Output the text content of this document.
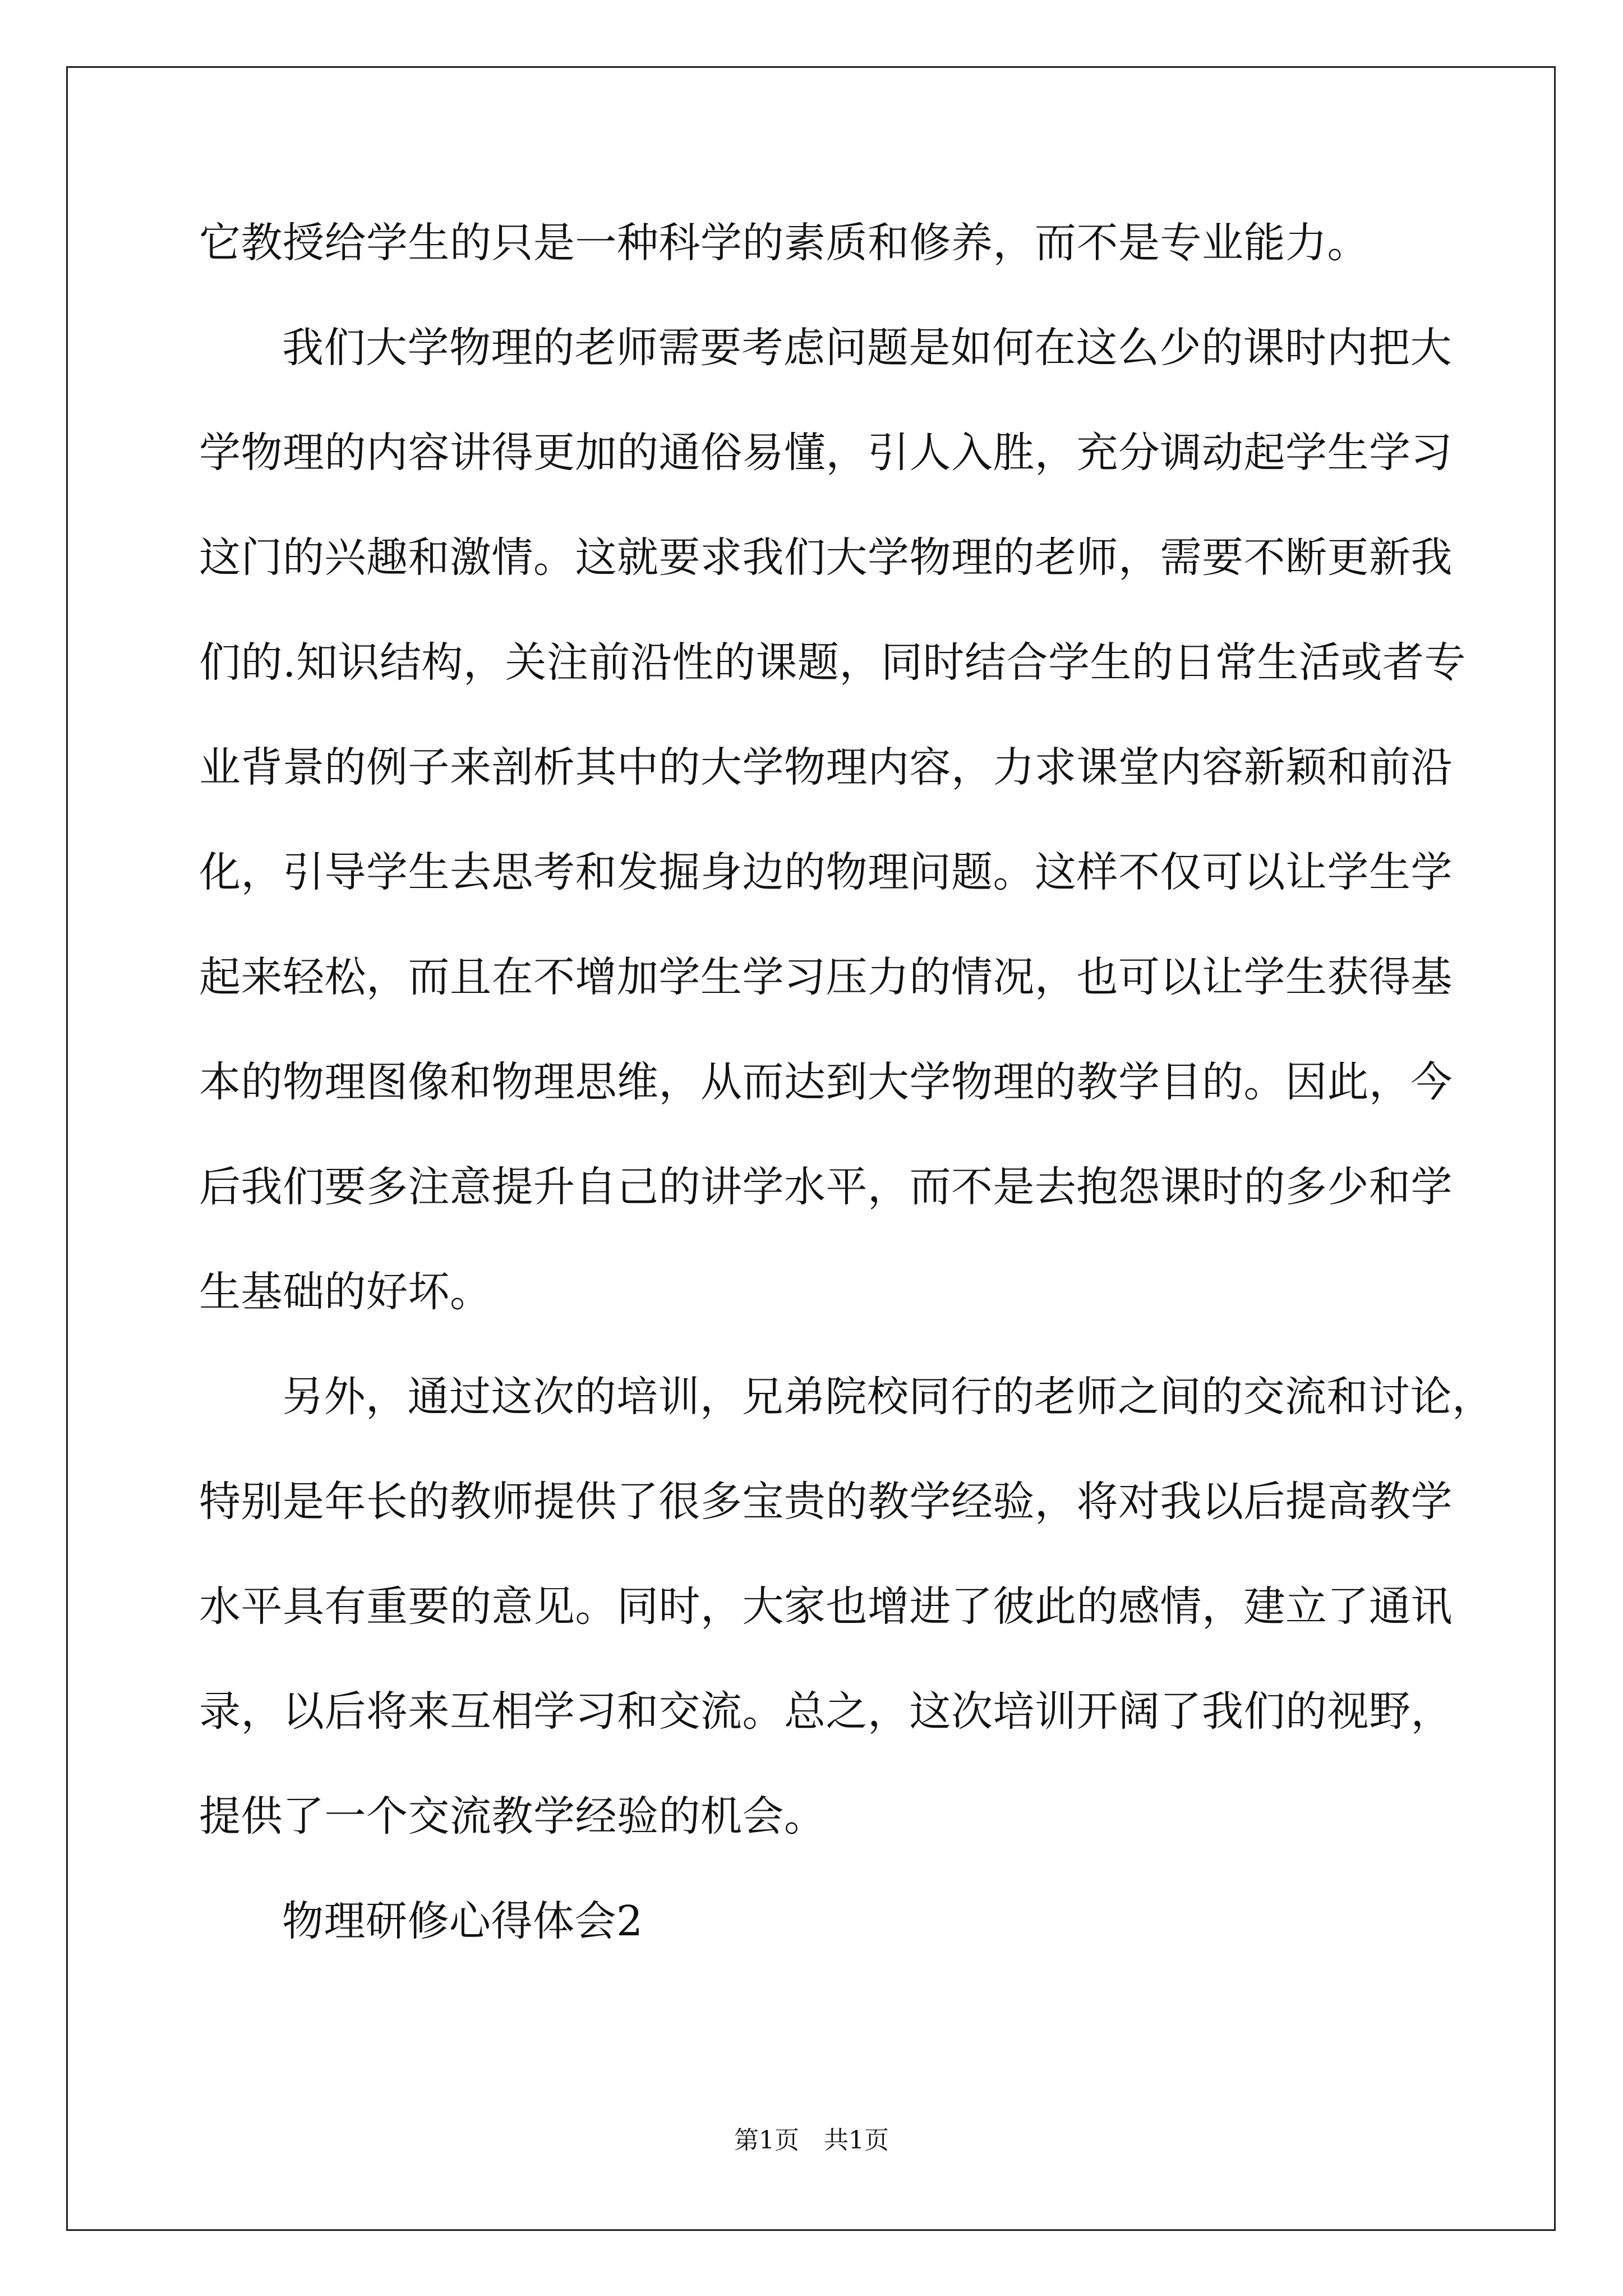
它教授给学生的只是一种科学的素质和修养，而不是专业能力。
我们大学物理的老师需要考虑问题是如何在这么少的课时内把大
学物理的内容讲得更加的通俗易懂，引人入胜，充分调动起学生学习
这门的兴趣和激情。这就要求我们大学物理的老师，需要不断更新我
们的.知识结构，关注前沿性的课题，同时结合学生的日常生活或者专
业背景的例子来剖析其中的大学物理内容，力求课堂内容新颖和前沿
化，引导学生去思考和发掘身边的物理问题。这样不仅可以让学生学
起来轻松，而且在不增加学生学习压力的情况，也可以让学生获得基
本的物理图像和物理思维，从而达到大学物理的教学目的。因此，今
后我们要多注意提升自己的讲学水平，而不是去抱怨课时的多少和学
生基础的好坏。
另外，通过这次的培训，兄弟院校同行的老师之间的交流和讨论，
特别是年长的教师提供了很多宝贵的教学经验，将对我以后提高教学
水平具有重要的意见。同时，大家也增进了彼此的感情，建立了通讯
录，以后将来互相学习和交流。总之，这次培训开阔了我们的视野，
提供了一个交流教学经验的机会。
物理研修心得体会2
第1页　共1页
